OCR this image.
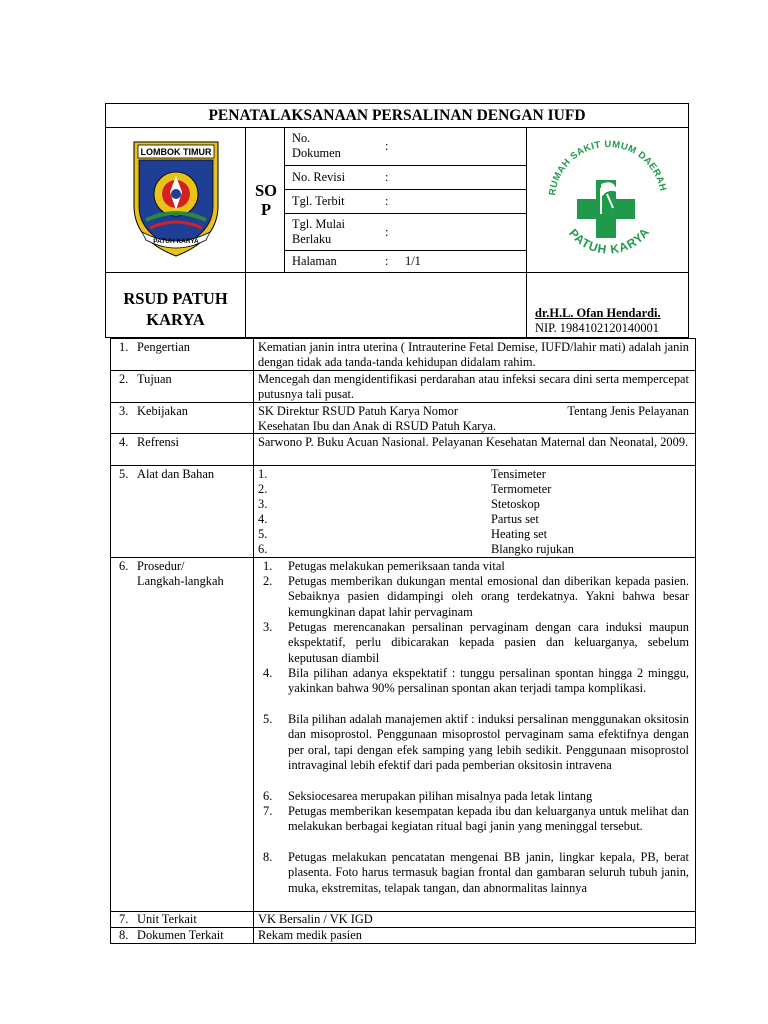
PENATALAKSANAAN PERSALINAN DENGAN IUFD
LOMBOK TIMUR
PATUH KARYA
SO
P
No.
Dokumen	:
No. Revisi	:
Tgl. Terbit	:
Tgl. Mulai
Berlaku	:
Halaman	: 1/1
RUMAH SAKIT UMUM DAERAH
PATUH KARYA
RSUD PATUH
KARYA	dr.H.L. Ofan Hendardi.
NIP. 1984102120140001
1. Pengertian	Kematian janin intra uterina ( Intrauterine Fetal Demise, IUFD/lahir mati) adalah janin dengan tidak ada tanda-tanda kehidupan didalam rahim.
2. Tujuan	Mencegah dan mengidentifikasi perdarahan atau infeksi secara dini serta mempercepat putusnya tali pusat.
3. Kebijakan	SK Direktur RSUD Patuh Karya Nomor	Tentang Jenis Pelayanan
Kesehatan Ibu dan Anak di RSUD Patuh Karya.
4. Refrensi	Sarwono P. Buku Acuan Nasional. Pelayanan Kesehatan Maternal dan Neonatal, 2009.
5. Alat dan Bahan	1.	Tensimeter
2.	Termometer
3.	Stetoskop
4.	Partus set
5.	Heating set
6.	Blangko rujukan
6. Prosedur/
Langkah-langkah
1. Petugas melakukan pemeriksaan tanda vital
2. Petugas memberikan dukungan mental emosional dan diberikan kepada pasien. Sebaiknya pasien didampingi oleh orang terdekatnya. Yakni bahwa besar kemungkinan dapat lahir pervaginam
3. Petugas merencanakan persalinan pervaginam dengan cara induksi maupun ekspektatif, perlu dibicarakan kepada pasien dan keluarganya, sebelum keputusan diambil
4. Bila pilihan adanya ekspektatif : tunggu persalinan spontan hingga 2 minggu, yakinkan bahwa 90% persalinan spontan akan terjadi tampa komplikasi.
5. Bila pilihan adalah manajemen aktif : induksi persalinan menggunakan oksitosin dan misoprostol. Penggunaan misoprostol pervaginam sama efektifnya dengan per oral, tapi dengan efek samping yang lebih sedikit. Penggunaan misoprostol intravaginal lebih efektif dari pada pemberian oksitosin intravena
6. Seksiocesarea merupakan pilihan misalnya pada letak lintang
7. Petugas memberikan kesempatan kepada ibu dan keluarganya untuk melihat dan melakukan berbagai kegiatan ritual bagi janin yang meninggal tersebut.
8. Petugas melakukan pencatatan mengenai BB janin, lingkar kepala, PB, berat plasenta. Foto harus termasuk bagian frontal dan gambaran seluruh tubuh janin, muka, ekstremitas, telapak tangan, dan abnormalitas lainnya
7. Unit Terkait	VK Bersalin / VK IGD
8. Dokumen Terkait	Rekam medik pasien
